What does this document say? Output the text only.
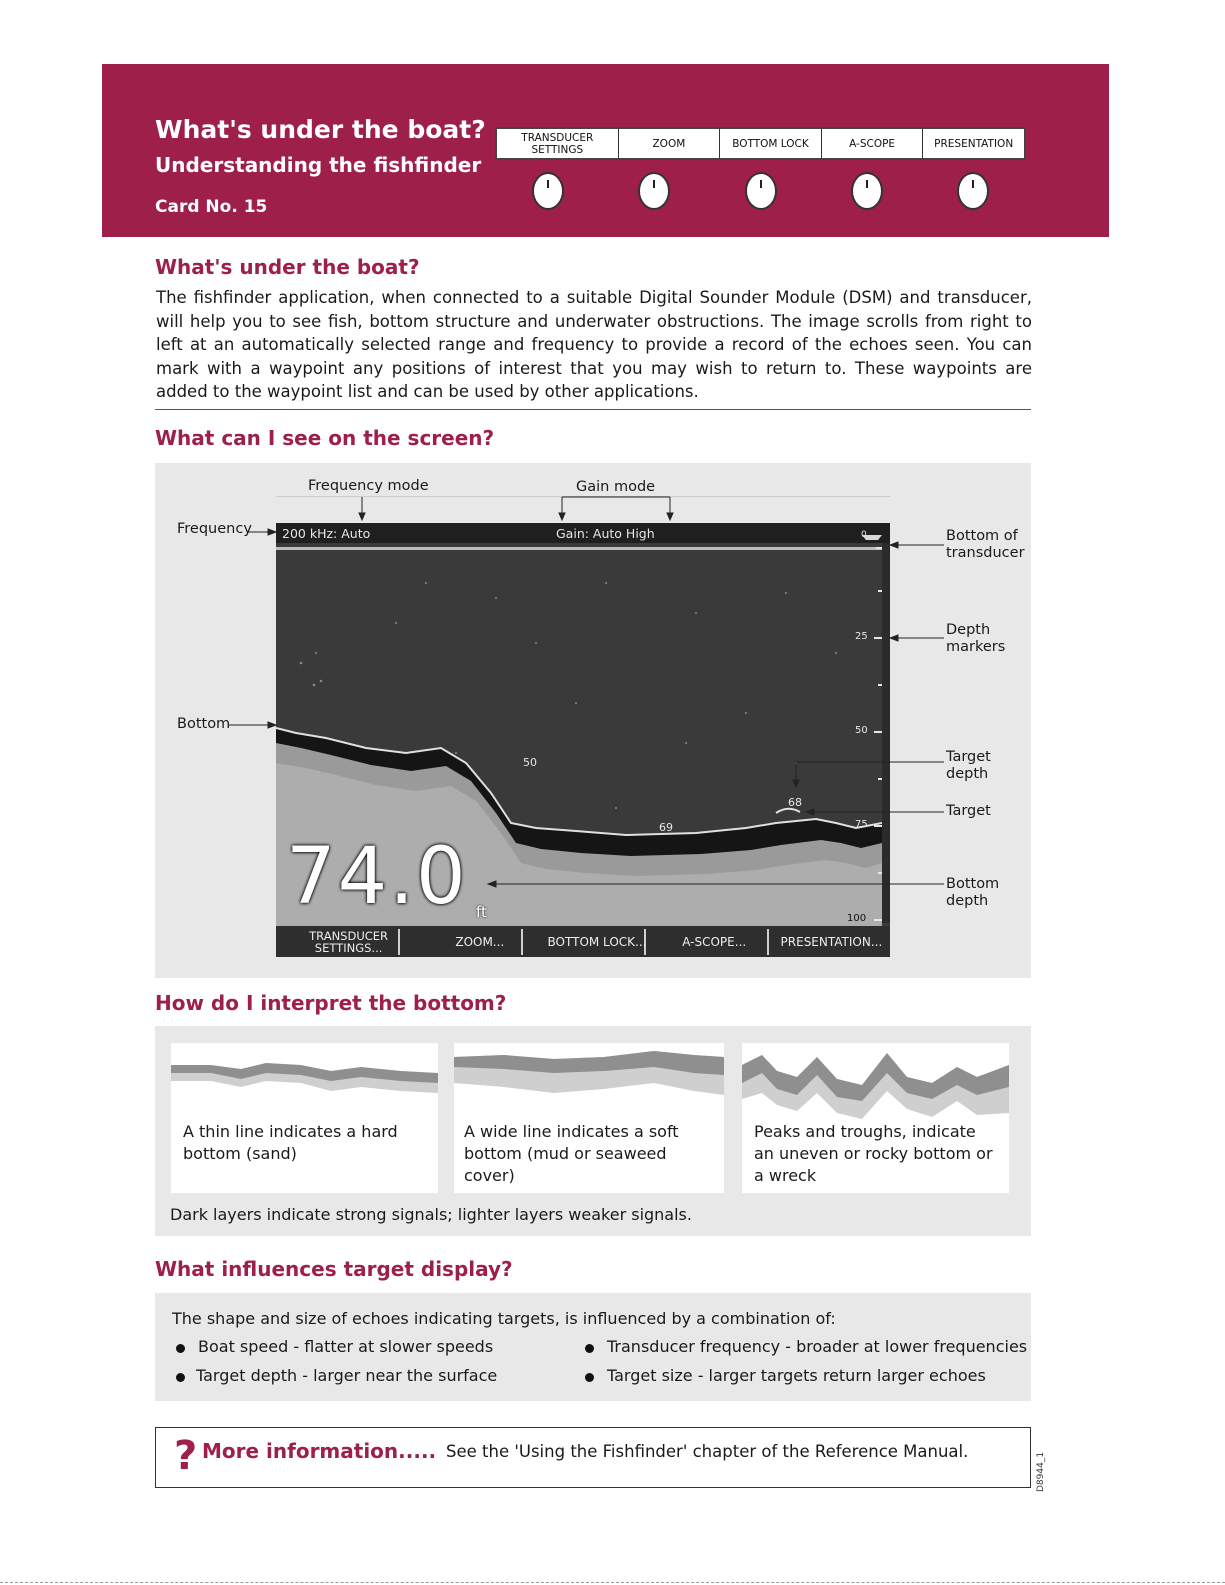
What's under the boat?
Understanding the fishfinder
Card No. 15
TRANSDUCER SETTINGS	ZOOM	BOTTOM LOCK	A-SCOPE	PRESENTATION
What's under the boat?
The fishfinder application, when connected to a suitable Digital Sounder Module (DSM) and transducer, will help you to see fish, bottom structure and underwater obstructions. The image scrolls from right to left at an automatically selected range and frequency to provide a record of the echoes seen. You can mark with a waypoint any positions of interest that you may wish to return to. These waypoints are added to the waypoint list and can be used by other applications.
What can I see on the screen?
Frequency mode	Gain mode
Frequency
Bottom
Bottom of transducer
Depth markers
Target depth
Target
Bottom depth
200 kHz: Auto	Gain: Auto High	0
25
50
75
100
50
69
68
74.0 ft
TRANSDUCER SETTINGS...	ZOOM...	BOTTOM LOCK...	A-SCOPE...	PRESENTATION...
How do I interpret the bottom?
A thin line indicates a hard bottom (sand)
A wide line indicates a soft bottom (mud or seaweed cover)
Peaks and troughs, indicate an uneven or rocky bottom or a wreck
Dark layers indicate strong signals; lighter layers weaker signals.
What influences target display?
The shape and size of echoes indicating targets, is influenced by a combination of:
Boat speed - flatter at slower speeds	Transducer frequency - broader at lower frequencies
Target depth - larger near the surface	Target size - larger targets return larger echoes
? More information..... See the 'Using the Fishfinder' chapter of the Reference Manual.
D8944_1
